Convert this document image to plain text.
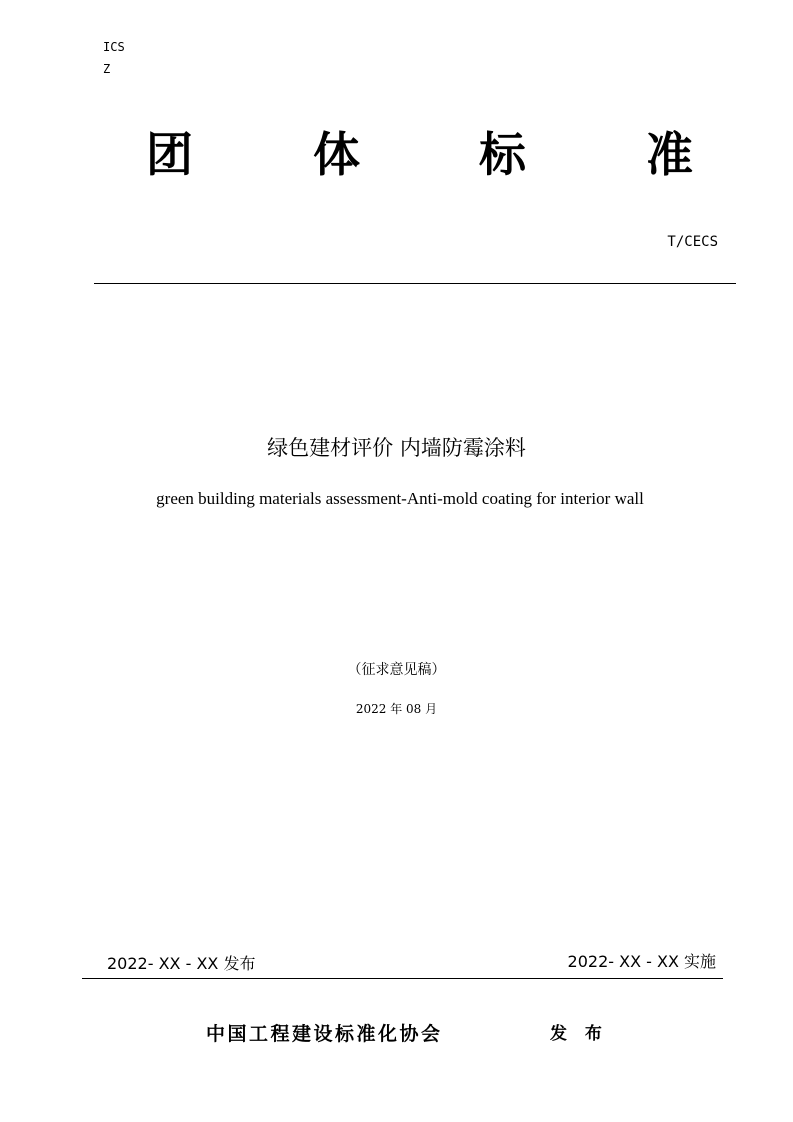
ICS
Z
团	体	标	准
T/CECS
绿色建材评价 内墙防霉涂料
green building materials assessment-Anti-mold coating for interior wall
（征求意见稿）
2022 年 08 月
2022- XX - XX 发布	2022- XX - XX 实施
中国工程建设标准化协会	发 布
